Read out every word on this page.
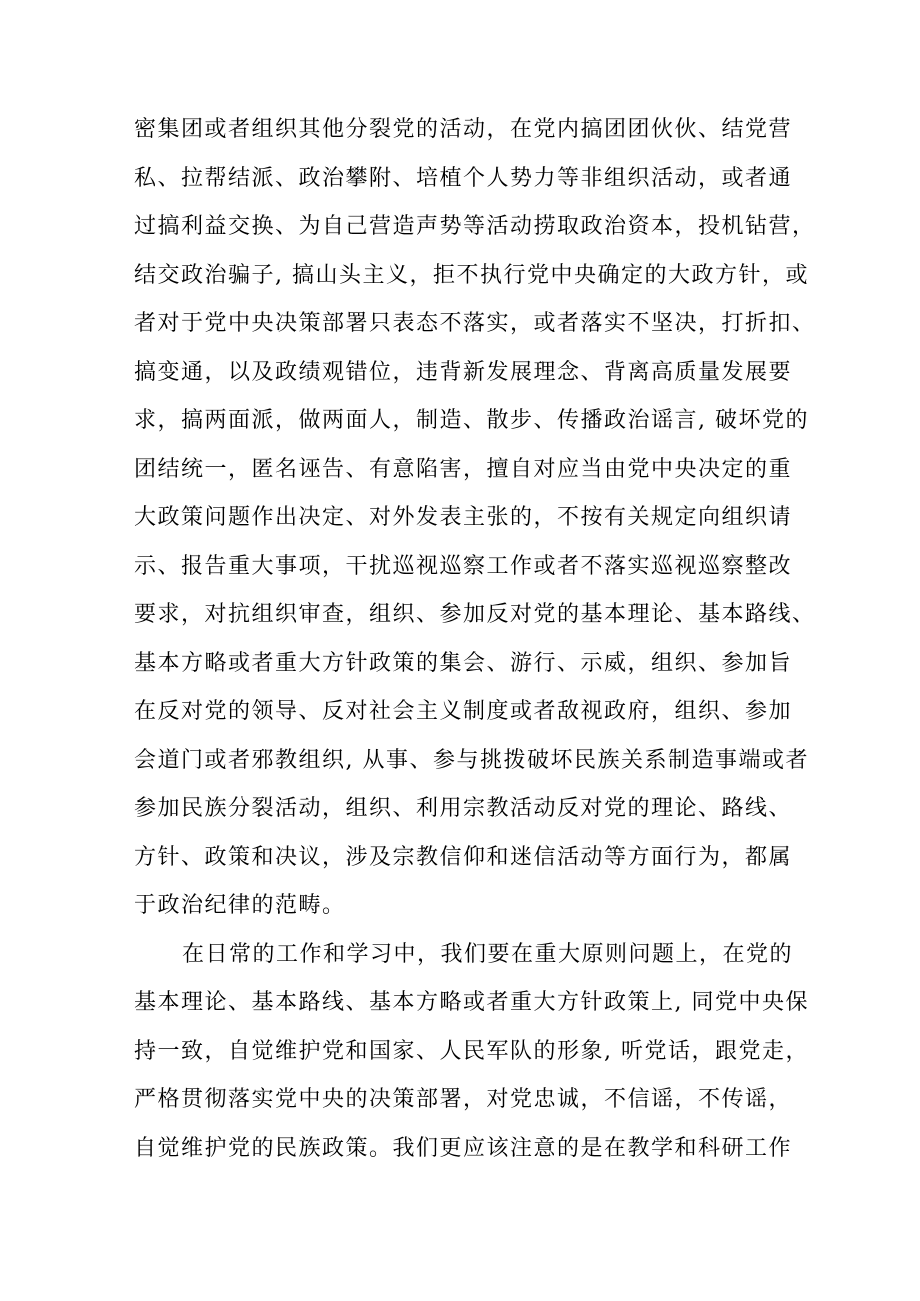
密集团或者组织其他分裂党的活动，在党内搞团团伙伙、结党营
私、拉帮结派、政治攀附、培植个人势力等非组织活动，或者通
过搞利益交换、为自己营造声势等活动捞取政治资本，投机钻营，
结交政治骗子, 搞山头主义，拒不执行党中央确定的大政方针，或
者对于党中央决策部署只表态不落实，或者落实不坚决，打折扣、
搞变通，以及政绩观错位，违背新发展理念、背离高质量发展要
求，搞两面派，做两面人，制造、散步、传播政治谣言, 破坏党的
团结统一，匿名诬告、有意陷害，擅自对应当由党中央决定的重
大政策问题作出决定、对外发表主张的，不按有关规定向组织请
示、报告重大事项，干扰巡视巡察工作或者不落实巡视巡察整改
要求，对抗组织审查，组织、参加反对党的基本理论、基本路线、
基本方略或者重大方针政策的集会、游行、示威，组织、参加旨
在反对党的领导、反对社会主义制度或者敌视政府，组织、参加
会道门或者邪教组织, 从事、参与挑拨破坏民族关系制造事端或者
参加民族分裂活动，组织、利用宗教活动反对党的理论、路线、
方针、政策和决议，涉及宗教信仰和迷信活动等方面行为，都属
于政治纪律的范畴。
在日常的工作和学习中，我们要在重大原则问题上，在党的
基本理论、基本路线、基本方略或者重大方针政策上, 同党中央保
持一致，自觉维护党和国家、人民军队的形象, 听党话，跟党走，
严格贯彻落实党中央的决策部署，对党忠诚，不信谣，不传谣，
自觉维护党的民族政策。我们更应该注意的是在教学和科研工作
